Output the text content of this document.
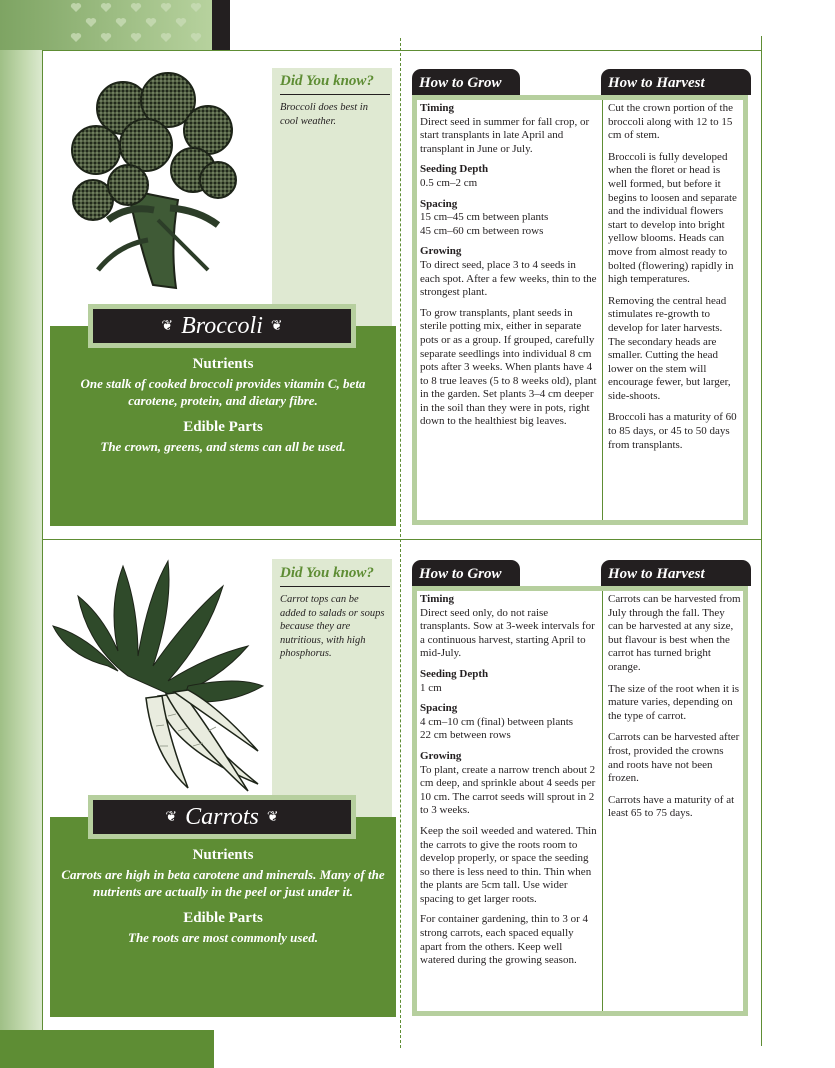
Did You know?
Broccoli does best in cool weather.

Nutrients

One stalk of cooked broccoli provides vitamin C, beta carotene, protein, and dietary fibre.

Edible Parts

The crown, greens, and stems can all be used.

❦ Broccoli ❦
How to Grow	How to Harvest
Timing
Direct seed in summer for fall crop, or start transplants in late April and transplant in June or July.
Seeding Depth
0.5 cm–2 cm
Spacing
15 cm–45 cm between plants
45 cm–60 cm between rows
Growing
To direct seed, place 3 to 4 seeds in each spot. After a few weeks, thin to the strongest plant.
To grow transplants, plant seeds in sterile potting mix, either in separate pots or as a group. If grouped, carefully separate seedlings into individual 8 cm pots after 3 weeks. When plants have 4 to 8 true leaves (5 to 8 weeks old), plant in the garden. Set plants 3–4 cm deeper in the soil than they were in pots, right down to the healthiest big leaves.

Cut the crown portion of the broccoli along with 12 to 15 cm of stem.

Broccoli is fully developed when the floret or head is well formed, but before it begins to loosen and separate and the individual flowers start to develop into bright yellow blooms. Heads can move from almost ready to bolted (flowering) rapidly in high temperatures.

Removing the central head stimulates re-growth to develop for later harvests. The secondary heads are smaller. Cutting the head lower on the stem will encourage fewer, but larger, side-shoots.

Broccoli has a maturity of 60 to 85 days, or 45 to 50 days from transplants.

Did You know?
Carrot tops can be added to salads or soups because they are nutritious, with high phosphorus.

Nutrients

Carrots are high in beta carotene and minerals. Many of the nutrients are actually in the peel or just under it.

Edible Parts

The roots are most commonly used.

❦ Carrots ❦
How to Grow	How to Harvest
Timing
Direct seed only, do not raise transplants. Sow at 3-week intervals for a continuous harvest, starting April to mid-July.
Seeding Depth
1 cm
Spacing
4 cm–10 cm (final) between plants
22 cm between rows
Growing
To plant, create a narrow trench about 2 cm deep, and sprinkle about 4 seeds per 10 cm. The carrot seeds will sprout in 2 to 3 weeks.
Keep the soil weeded and watered. Thin the carrots to give the roots room to develop properly, or space the seeding so there is less need to thin. Thin when the plants are 5cm tall. Use wider spacing to get larger roots.
For container gardening, thin to 3 or 4 strong carrots, each spaced equally apart from the others. Keep well watered during the growing season.

Carrots can be harvested from July through the fall. They can be harvested at any size, but flavour is best when the carrot has turned bright orange.

The size of the root when it is mature varies, depending on the type of carrot.

Carrots can be harvested after frost, provided the crowns and roots have not been frozen.

Carrots have a maturity of at least 65 to 75 days.
